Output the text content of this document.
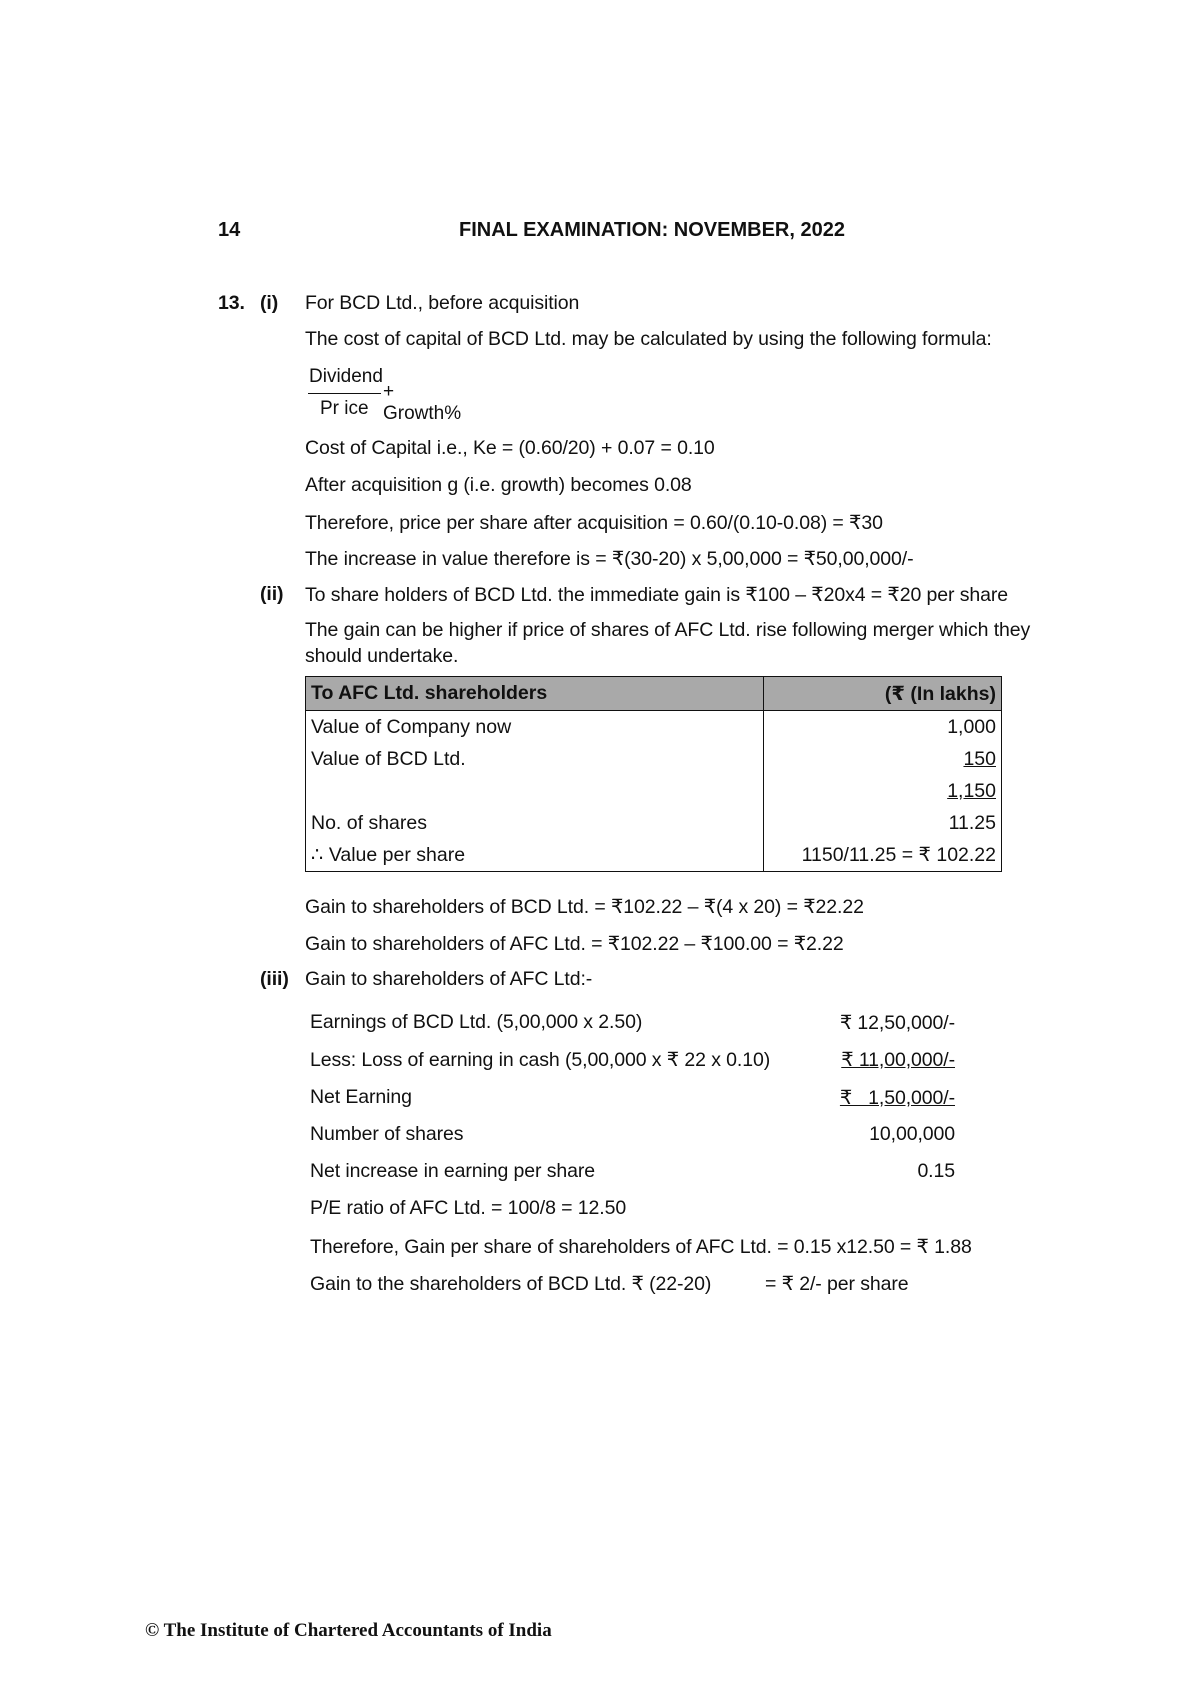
14	FINAL EXAMINATION: NOVEMBER, 2022
13. (i) For BCD Ltd., before acquisition
The cost of capital of BCD Ltd. may be calculated by using the following formula:
Dividend
Pr ice
+ Growth%
Cost of Capital i.e., Ke = (0.60/20) + 0.07 = 0.10
After acquisition g (i.e. growth) becomes 0.08
Therefore, price per share after acquisition = 0.60/(0.10-0.08) = ₹30
The increase in value therefore is = ₹(30-20) x 5,00,000 = ₹50,00,000/-
(ii) To share holders of BCD Ltd. the immediate gain is ₹100 – ₹20x4 = ₹20 per share
The gain can be higher if price of shares of AFC Ltd. rise following merger which they
should undertake.
To AFC Ltd. shareholders	(₹ (In lakhs)
Value of Company now	1,000
Value of BCD Ltd.	150
	1,150
No. of shares	11.25
∴ Value per share	1150/11.25 = ₹ 102.22
Gain to shareholders of BCD Ltd. = ₹102.22 – ₹(4 x 20) = ₹22.22
Gain to shareholders of AFC Ltd. = ₹102.22 – ₹100.00 = ₹2.22
(iii) Gain to shareholders of AFC Ltd:-
Earnings of BCD Ltd. (5,00,000 x 2.50)	₹ 12,50,000/-
Less: Loss of earning in cash (5,00,000 x ₹ 22 x 0.10)	₹ 11,00,000/-
Net Earning	₹   1,50,000/-
Number of shares	10,00,000
Net increase in earning per share	0.15
P/E ratio of AFC Ltd. = 100/8 = 12.50
Therefore, Gain per share of shareholders of AFC Ltd. = 0.15 x12.50 = ₹ 1.88
Gain to the shareholders of BCD Ltd. ₹ (22-20)	= ₹ 2/- per share
© The Institute of Chartered Accountants of India
